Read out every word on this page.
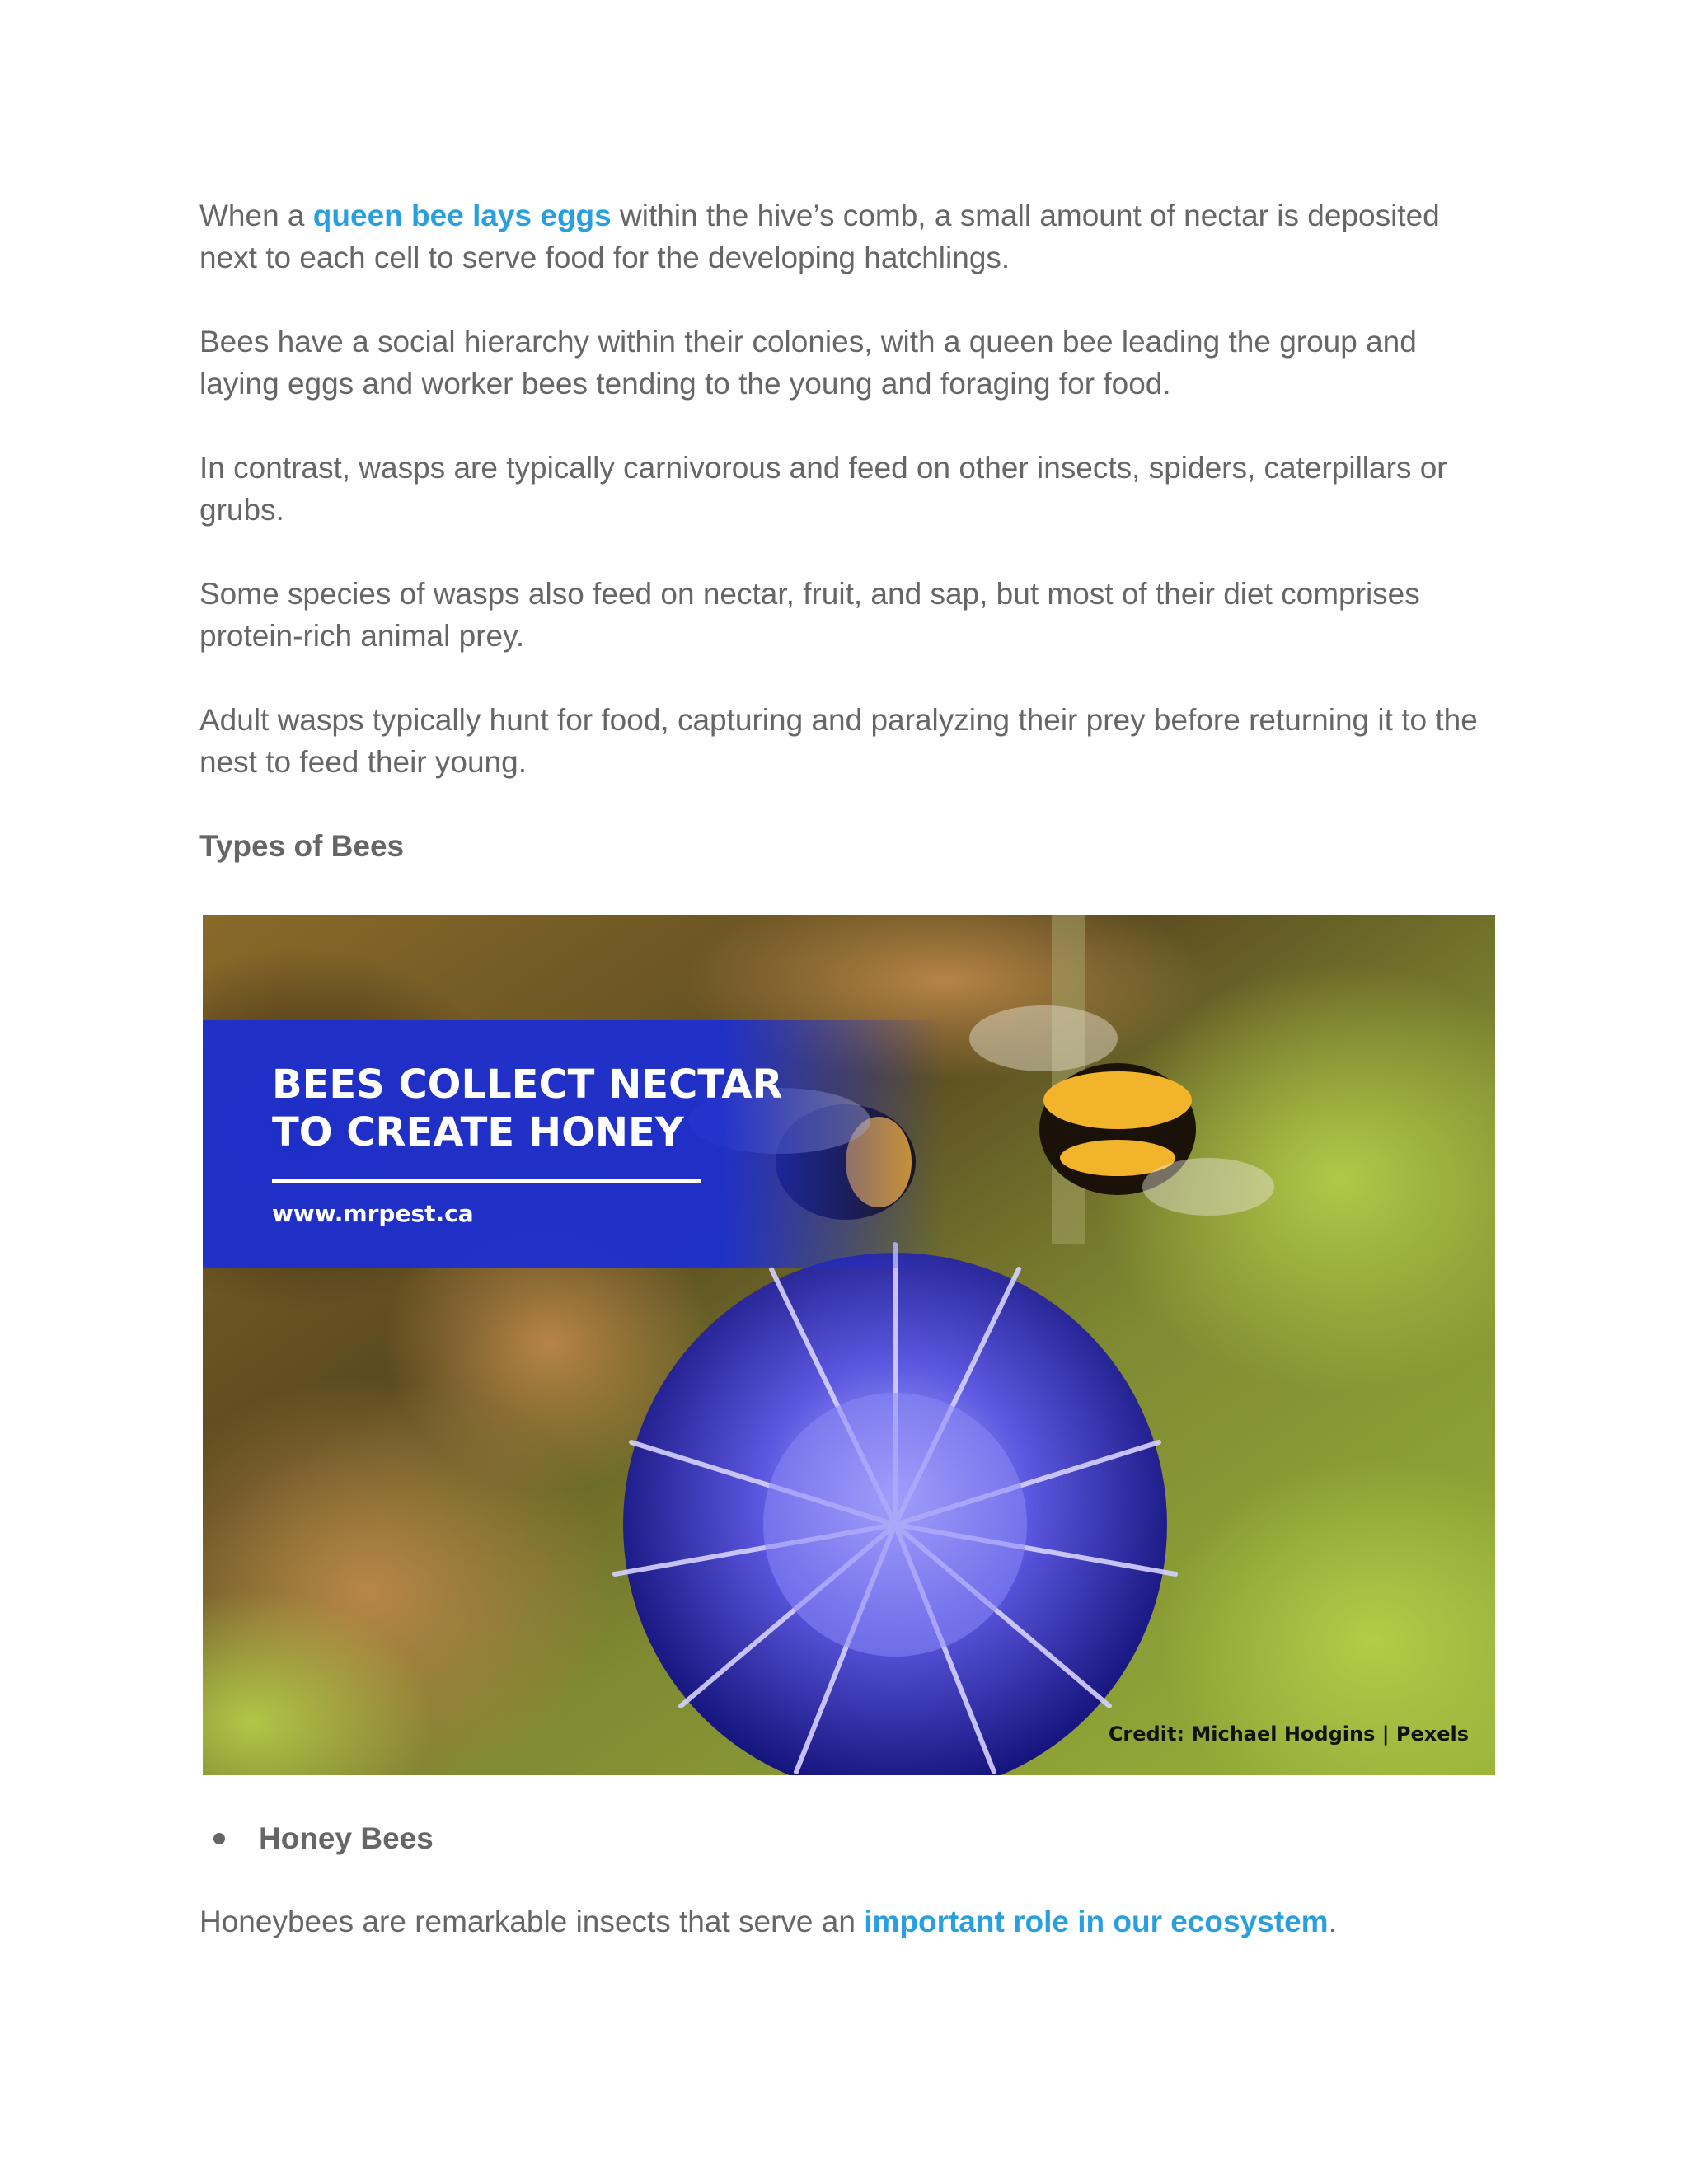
When a queen bee lays eggs within the hive’s comb, a small amount of nectar is deposited next to each cell to serve food for the developing hatchlings.

Bees have a social hierarchy within their colonies, with a queen bee leading the group and laying eggs and worker bees tending to the young and foraging for food.

In contrast, wasps are typically carnivorous and feed on other insects, spiders, caterpillars or grubs.

Some species of wasps also feed on nectar, fruit, and sap, but most of their diet comprises protein-rich animal prey.

Adult wasps typically hunt for food, capturing and paralyzing their prey before returning it to the nest to feed their young.

Types of Bees

BEES COLLECT NECTAR
TO CREATE HONEY
www.mrpest.ca
Credit: Michael Hodgins | Pexels
Honey Bees

Honeybees are remarkable insects that serve an important role in our ecosystem.
